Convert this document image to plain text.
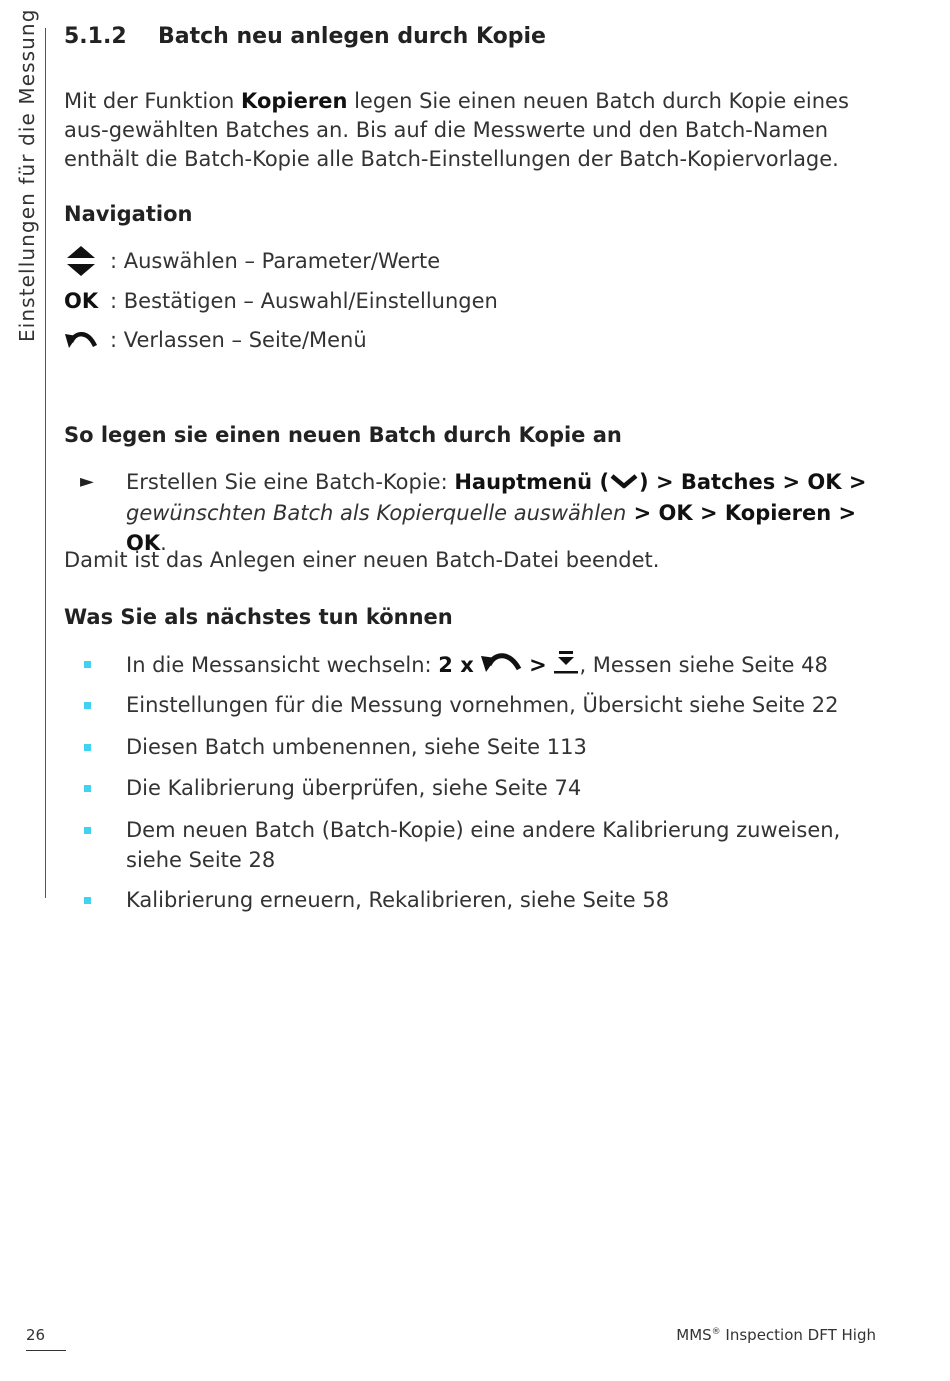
Einstellungen für die Messung 5.1.2 Batch neu anlegen durch Kopie
Mit der Funktion Kopieren legen Sie einen neuen Batch durch Kopie eines aus-gewählten Batches an. Bis auf die Messwerte und den Batch-Namen enthält die Batch-Kopie alle Batch-Einstellungen der Batch-Kopiervorlage.
Navigation
: Auswählen – Parameter/Werte
OK : Bestätigen – Auswahl/Einstellungen
: Verlassen – Seite/Menü
So legen sie einen neuen Batch durch Kopie an
► Erstellen Sie eine Batch-Kopie: Hauptmenü ( ) > Batches > OK >
gewünschten Batch als Kopierquelle auswählen > OK > Kopieren > OK.
Damit ist das Anlegen einer neuen Batch-Datei beendet.
Was Sie als nächstes tun können
In die Messansicht wechseln: 2 x	> , Messen siehe Seite 48
Einstellungen für die Messung vornehmen, Übersicht siehe Seite 22
Diesen Batch umbenennen, siehe Seite 113
Die Kalibrierung überprüfen, siehe Seite 74
Dem neuen Batch (Batch-Kopie) eine andere Kalibrierung zuweisen, siehe Seite 28
Kalibrierung erneuern, Rekalibrieren, siehe Seite 58
26	MMS® Inspection DFT High
